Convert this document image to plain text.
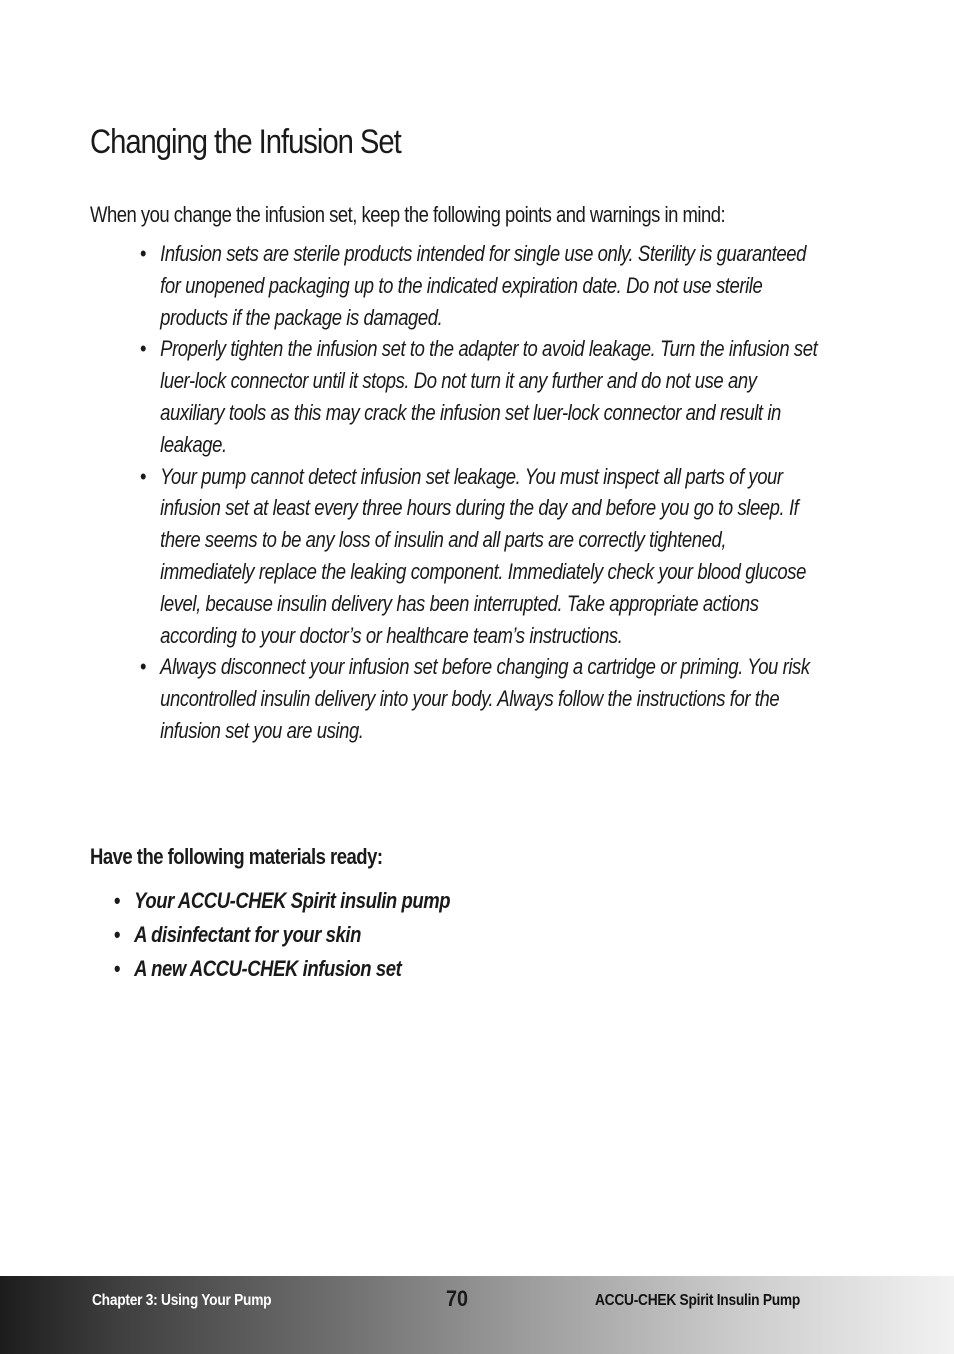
Changing the Infusion Set

When you change the infusion set, keep the following points and warnings in mind:

• Infusion sets are sterile products intended for single use only. Sterility is guaranteed for unopened packaging up to the indicated expiration date. Do not use sterile products if the package is damaged.
• Properly tighten the infusion set to the adapter to avoid leakage. Turn the infusion set luer-lock connector until it stops. Do not turn it any further and do not use any auxiliary tools as this may crack the infusion set luer-lock connector and result in leakage.
• Your pump cannot detect infusion set leakage. You must inspect all parts of your infusion set at least every three hours during the day and before you go to sleep. If there seems to be any loss of insulin and all parts are correctly tightened, immediately replace the leaking component. Immediately check your blood glucose level, because insulin delivery has been interrupted. Take appropriate actions according to your doctor’s or healthcare team’s instructions.
• Always disconnect your infusion set before changing a cartridge or priming. You risk uncontrolled insulin delivery into your body. Always follow the instructions for the infusion set you are using.
Have the following materials ready:
• Your ACCU-CHEK Spirit insulin pump
• A disinfectant for your skin
• A new ACCU-CHEK infusion set
Chapter 3: Using Your Pump	70	ACCU-CHEK Spirit Insulin Pump
